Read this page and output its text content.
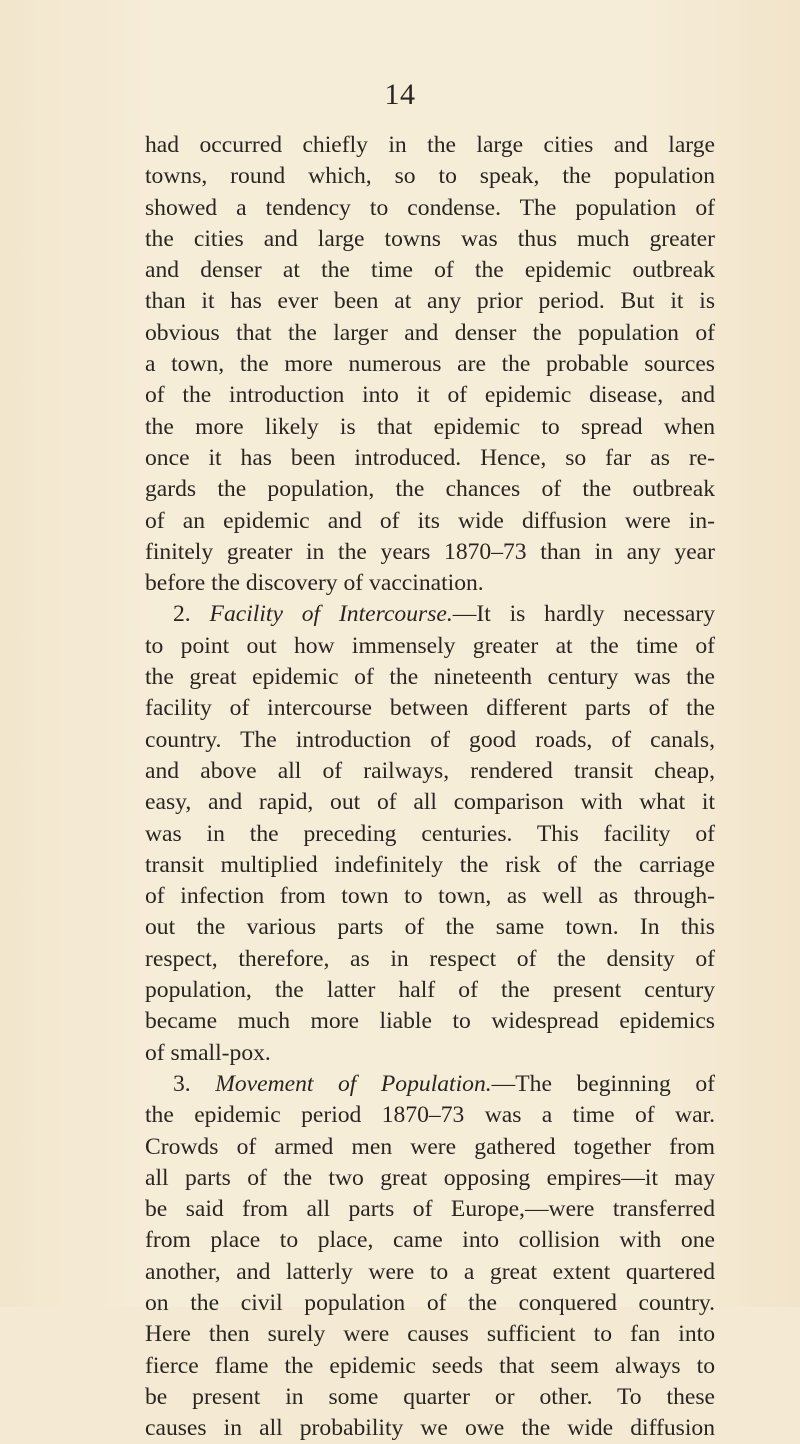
14
had occurred chiefly in the large cities and large
towns, round which, so to speak, the population
showed a tendency to condense. The population of
the cities and large towns was thus much greater
and denser at the time of the epidemic outbreak
than it has ever been at any prior period. But it is
obvious that the larger and denser the population of
a town, the more numerous are the probable sources
of the introduction into it of epidemic disease, and
the more likely is that epidemic to spread when
once it has been introduced. Hence, so far as re-
gards the population, the chances of the outbreak
of an epidemic and of its wide diffusion were in-
finitely greater in the years 1870–73 than in any year
before the discovery of vaccination.
2. Facility of Intercourse.—It is hardly necessary
to point out how immensely greater at the time of
the great epidemic of the nineteenth century was the
facility of intercourse between different parts of the
country. The introduction of good roads, of canals,
and above all of railways, rendered transit cheap,
easy, and rapid, out of all comparison with what it
was in the preceding centuries. This facility of
transit multiplied indefinitely the risk of the carriage
of infection from town to town, as well as through-
out the various parts of the same town. In this
respect, therefore, as in respect of the density of
population, the latter half of the present century
became much more liable to widespread epidemics
of small-pox.
3. Movement of Population.—The beginning of
the epidemic period 1870–73 was a time of war.
Crowds of armed men were gathered together from
all parts of the two great opposing empires—it may
be said from all parts of Europe,—were transferred
from place to place, came into collision with one
another, and latterly were to a great extent quartered
on the civil population of the conquered country.
Here then surely were causes sufficient to fan into
fierce flame the epidemic seeds that seem always to
be present in some quarter or other. To these
causes in all probability we owe the wide diffusion
